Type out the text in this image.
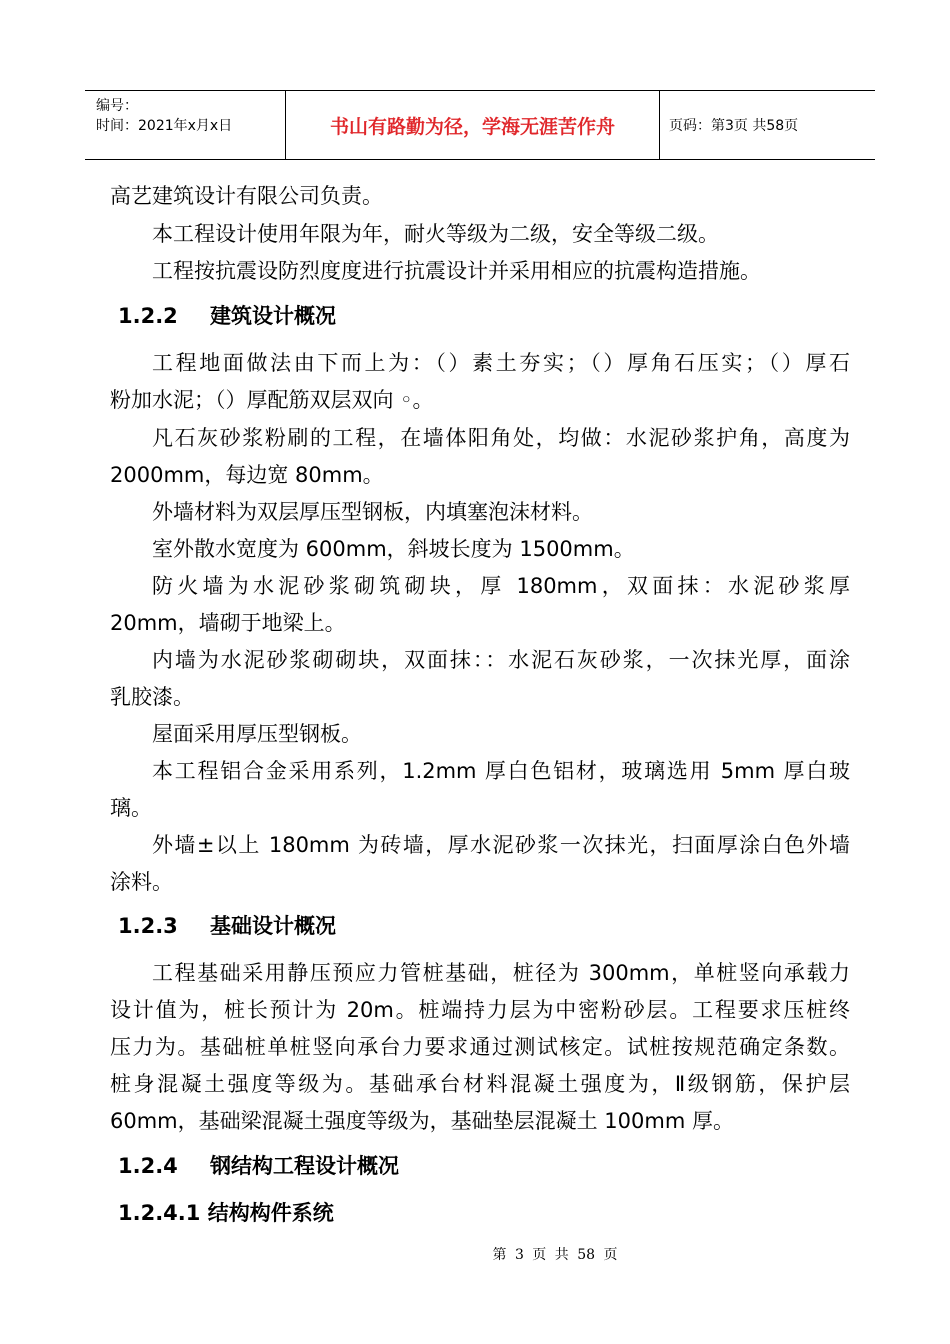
编号：
时间：2021年x月x日	书山有路勤为径，学海无涯苦作舟	页码：第3页 共58页

高艺建筑设计有限公司负责。

本工程设计使用年限为年，耐火等级为二级，安全等级二级。

工程按抗震设防烈度度进行抗震设计并采用相应的抗震构造措施。

1.2.2 建筑设计概况

工程地面做法由下而上为：（）素土夯实；（）厚角石压实；（）厚石

粉加水泥；（）厚配筋双层双向 ◦。

凡石灰砂浆粉刷的工程，在墙体阳角处，均做：水泥砂浆护角，高度为

2000mm，每边宽 80mm。

外墙材料为双层厚压型钢板，内填塞泡沫材料。

室外散水宽度为 600mm，斜坡长度为 1500mm。

防火墙为水泥砂浆砌筑砌块，厚 180mm，双面抹：水泥砂浆厚

20mm，墙砌于地梁上。

内墙为水泥砂浆砌砌块，双面抹：：水泥石灰砂浆，一次抹光厚，面涂

乳胶漆。

屋面采用厚压型钢板。

本工程铝合金采用系列，1.2mm 厚白色铝材，玻璃选用 5mm 厚白玻

璃。

外墙±以上 180mm 为砖墙，厚水泥砂浆一次抹光，扫面厚涂白色外墙

涂料。

1.2.3 基础设计概况

工程基础采用静压预应力管桩基础，桩径为 300mm，单桩竖向承载力

设计值为，桩长预计为 20m。桩端持力层为中密粉砂层。工程要求压桩终

压力为。基础桩单桩竖向承台力要求通过测试核定。试桩按规范确定条数。

桩身混凝土强度等级为。基础承台材料混凝土强度为，Ⅱ级钢筋，保护层

60mm，基础梁混凝土强度等级为，基础垫层混凝土 100mm 厚。

1.2.4 钢结构工程设计概况
1.2.4.1 结构构件系统
第 3 页 共 58 页
